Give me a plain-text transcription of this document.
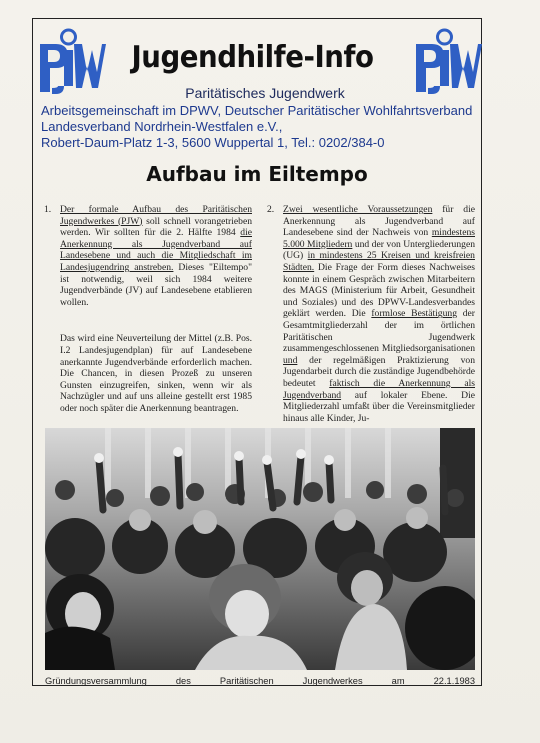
Jugendhilfe-Info
Paritätisches Jugendwerk
Arbeitsgemeinschaft im DPWV, Deutscher Paritätischer Wohlfahrtsverband
Landesverband Nordrhein-Westfalen e.V.,
Robert-Daum-Platz 1-3, 5600 Wuppertal 1, Tel.: 0202/384-0
Aufbau im Eiltempo
1. Der formale Aufbau des Paritätischen Jugendwerkes (PJW) soll schnell vorangetrieben werden. Wir sollten für die 2. Hälfte 1984 die Anerkennung als Jugendverband auf Landesebene und auch die Mitgliedschaft im Landesjugendring anstreben. Dieses "Eiltempo" ist notwendig, weil sich 1984 weitere Jugendverbände (JV) auf Landesebene etablieren wollen.

Das wird eine Neuverteilung der Mittel (z.B. Pos. I.2 Landesjugendplan) für auf Landesebene anerkannte Jugendverbände erforderlich machen. Die Chancen, in diesen Prozeß zu unseren Gunsten einzugreifen, sinken, wenn wir als Nachzügler und auf uns alleine gestellt erst 1985 oder noch später die Anerkennung beantragen.

2. Zwei wesentliche Voraussetzungen für die Anerkennung als Jugendverband auf Landesebene sind der Nachweis von mindestens 5.000 Mitgliedern und der von Untergliederungen (UG) in mindestens 25 Kreisen und kreisfreien Städten. Die Frage der Form dieses Nachweises konnte in einem Gespräch zwischen Mitarbeitern des MAGS (Ministerium für Arbeit, Gesundheit und Soziales) und des DPWV-Landesverbandes geklärt werden. Die formlose Bestätigung der Gesamtmitgliederzahl der im örtlichen Paritätischen Jugendwerk zusammengeschlossenen Mitgliedsorganisationen und der regelmäßigen Praktizierung von Jugendarbeit durch die zuständige Jugendbehörde bedeutet faktisch die Anerkennung als Jugendverband auf lokaler Ebene. Die Mitgliederzahl umfaßt über die Vereinsmitglieder hinaus alle Kinder, Ju-

Gründungsversammlung des Paritätischen Jugendwerkes am 22.1.1983
